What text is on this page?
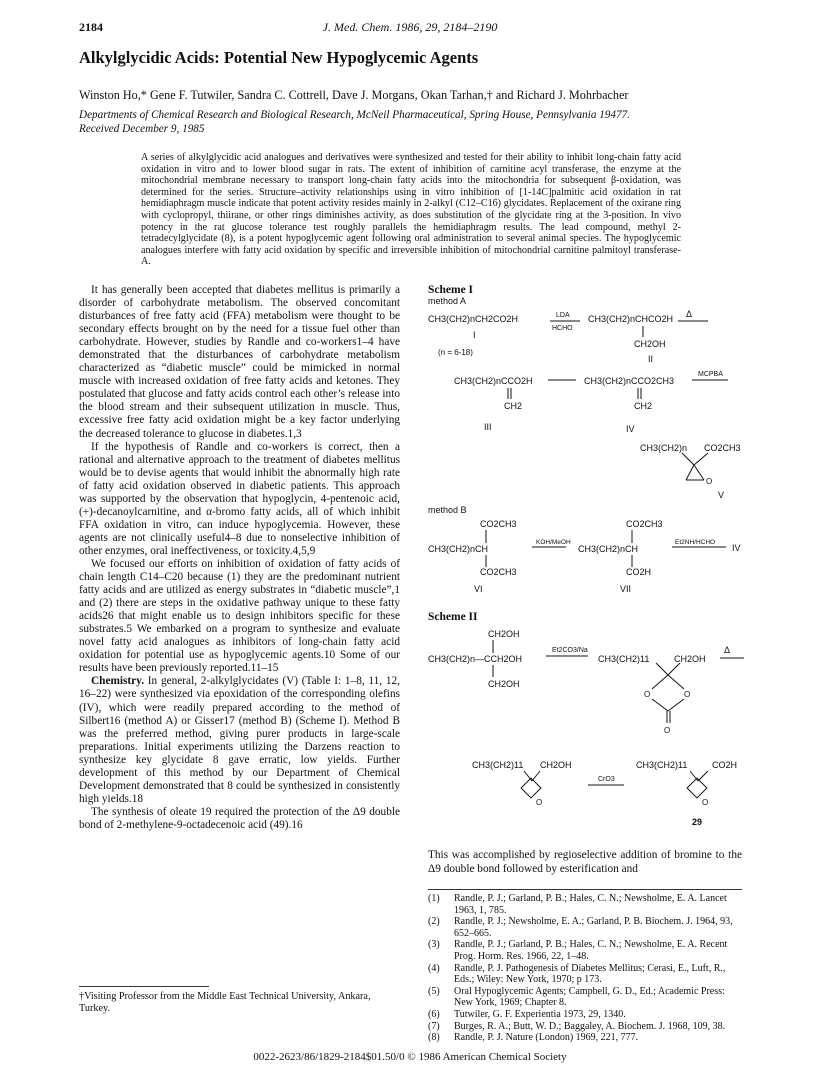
2184	J. Med. Chem. 1986, 29, 2184–2190
Alkylglycidic Acids: Potential New Hypoglycemic Agents
Winston Ho,* Gene F. Tutwiler, Sandra C. Cottrell, Dave J. Morgans, Okan Tarhan,† and Richard J. Mohrbacher
Departments of Chemical Research and Biological Research, McNeil Pharmaceutical, Spring House, Pennsylvania 19477.
Received December 9, 1985
A series of alkylglycidic acid analogues and derivatives were synthesized and tested for their ability to inhibit long-chain fatty acid oxidation in vitro and to lower blood sugar in rats. The extent of inhibition of carnitine acyl transferase, the enzyme at the mitochondrial membrane necessary to transport long-chain fatty acids into the mitochondria for subsequent β-oxidation, was determined for the series. Structure–activity relationships using in vitro inhibition of [1-14C]palmitic acid oxidation in rat hemidiaphragm muscle indicate that potent activity resides mainly in 2-alkyl (C12–C16) glycidates. Replacement of the oxirane ring with cyclopropyl, thiirane, or other rings diminishes activity, as does substitution of the glycidate ring at the 3-position. In vivo potency in the rat glucose tolerance test roughly parallels the hemidiaphragm results. The lead compound, methyl 2-tetradecylglycidate (8), is a potent hypoglycemic agent following oral administration to several animal species. The hypoglycemic analogues interfere with fatty acid oxidation by specific and irreversible inhibition of mitochondrial carnitine palmitoyl transferase-A.

It has generally been accepted that diabetes mellitus is primarily a disorder of carbohydrate metabolism. The observed concomitant disturbances of free fatty acid (FFA) metabolism were thought to be secondary effects brought on by the need for a tissue fuel other than carbohydrate. However, studies by Randle and co-workers1–4 have demonstrated that the disturbances of carbohydrate metabolism characterized as “diabetic muscle” could be mimicked in normal muscle with increased oxidation of free fatty acids and ketones. They postulated that glucose and fatty acids control each other’s release into the blood stream and their subsequent utilization in muscle. Thus, excessive free fatty acid oxidation might be a key factor underlying the decreased tolerance to glucose in diabetes.1,3

If the hypothesis of Randle and co-workers is correct, then a rational and alternative approach to the treatment of diabetes mellitus would be to devise agents that would inhibit the abnormally high rate of fatty acid oxidation observed in diabetic patients. This approach was supported by the observation that hypoglycin, 4-pentenoic acid, (+)-decanoylcarnitine, and α-bromo fatty acids, all of which inhibit FFA oxidation in vitro, can induce hypoglycemia. However, these agents are not clinically useful4–8 due to nonselective inhibition of other enzymes, oral ineffectiveness, or toxicity.4,5,9

We focused our efforts on inhibition of oxidation of fatty acids of chain length C14–C20 because (1) they are the predominant nutrient fatty acids and are utilized as energy substrates in “diabetic muscle”,1 and (2) there are steps in the oxidative pathway unique to these fatty acids26 that might enable us to design inhibitors specific for these substrates.5 We embarked on a program to synthesize and evaluate novel fatty acid analogues as inhibitors of long-chain fatty acid oxidation for potential use as hypoglycemic agents.10 Some of our results have been previously reported.11–15

Chemistry. In general, 2-alkylglycidates (V) (Table I: 1–8, 11, 12, 16–22) were synthesized via epoxidation of the corresponding olefins (IV), which were readily prepared according to the method of Silbert16 (method A) or Gisser17 (method B) (Scheme I). Method B was the preferred method, giving purer products in large-scale preparations. Initial experiments utilizing the Darzens reaction to synthesize key glycidate 8 gave erratic, low yields. Further development of this method by our Department of Chemical Development demonstrated that 8 could be synthesized in consistently high yields.18

The synthesis of oleate 19 required the protection of the Δ9 double bond of 2-methylene-9-octadecenoic acid (49).16

†Visiting Professor from the Middle East Technical University, Ankara, Turkey.
Scheme I
method A
CH3(CH2)nCH2CO2H	LDA
HCHO
CH3(CH2)nCHCO2H Δ
CH2OH
I
(n = 6-18)
II
CH3(CH2)nCCO2H	CH3(CH2)nCCO2CH3
MCPBA
CH2	CH2
III	IV
CH3(CH2)n CO2CH3
O
V
method B
CO2CH3
CH3(CH2)nCH
CO2CH3
VI
KOH/MeOH
CH3(CH2)nCH
CO2CH3
CO2H
VII
Et2NH/HCHO
IV
Scheme II
CH2OH
CH3(CH2)n—CCH2OH
CH2OH
Et2CO3/Na
CH3(CH2)11	CH2OH
Δ
O	O
O
CH3(CH2)11 CH2OH
O
CrO3
CH3(CH2)11	CO2H
O
29
This was accomplished by regioselective addition of bromine to the Δ9 double bond followed by esterification and
(1) Randle, P. J.; Garland, P. B.; Hales, C. N.; Newsholme, E. A. Lancet 1963, 1, 785.
(2) Randle, P. J.; Newsholme, E. A.; Garland, P. B. Biochem. J. 1964, 93, 652–665.
(3) Randle, P. J.; Garland, P. B.; Hales, C. N.; Newsholme, E. A. Recent Prog. Horm. Res. 1966, 22, 1–48.
(4) Randle, P. J. Pathogenesis of Diabetes Mellitus; Cerasi, E., Luft, R., Eds.; Wiley: New York, 1970; p 173.
(5) Oral Hypoglycemic Agents; Campbell, G. D., Ed.; Academic Press: New York, 1969; Chapter 8.
(6) Tutwiler, G. F. Experientia 1973, 29, 1340.
(7) Burges, R. A.; Butt, W. D.; Baggaley, A. Biochem. J. 1968, 109, 38.
(8) Randle, P. J. Nature (London) 1969, 221, 777.
0022-2623/86/1829-2184$01.50/0 © 1986 American Chemical Society
